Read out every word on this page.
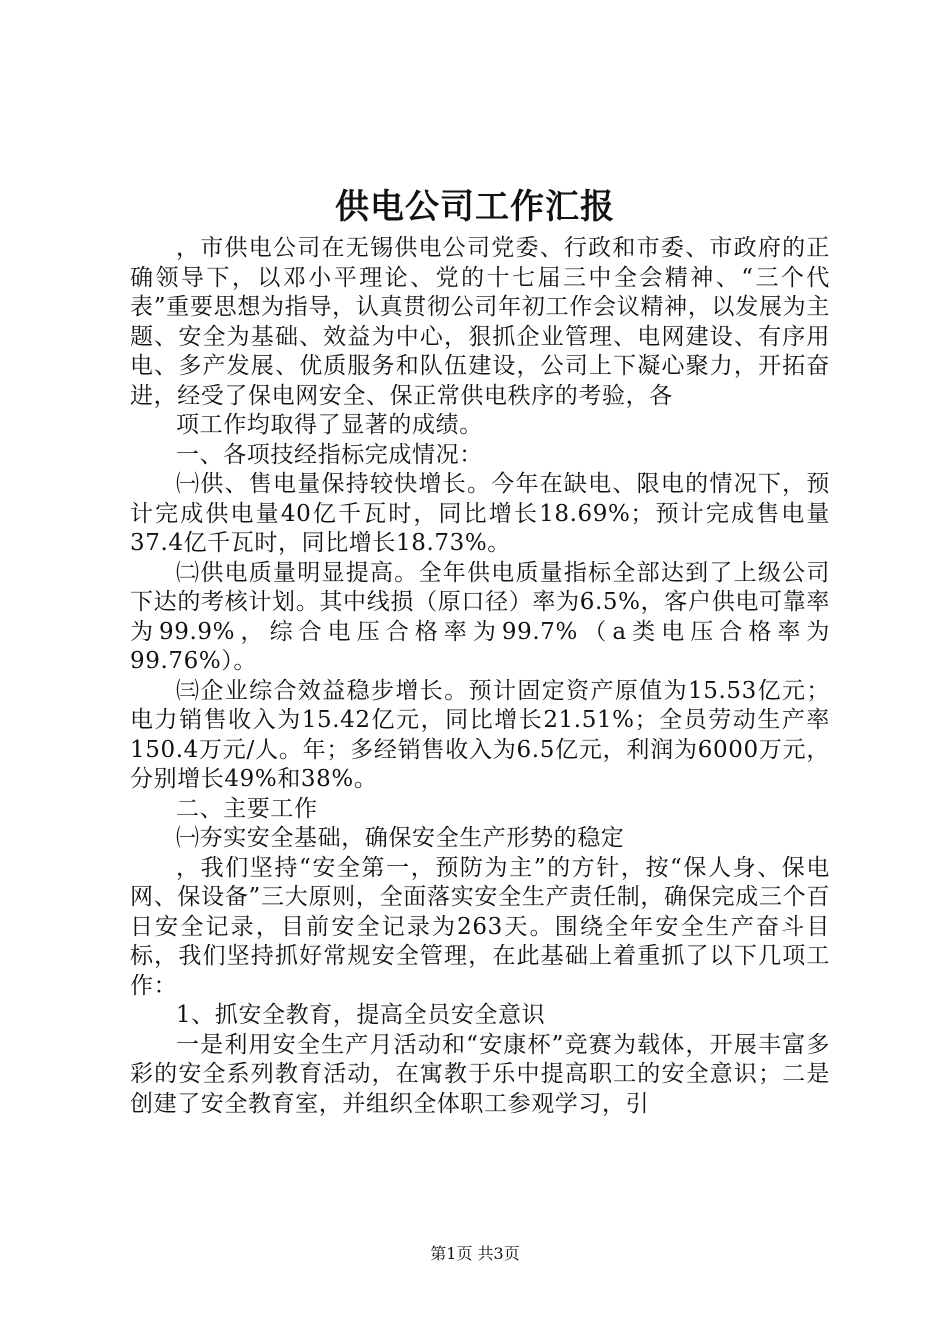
供电公司工作汇报

，市供电公司在无锡供电公司党委、行政和市委、市政府的正确领导下，以邓小平理论、党的十七届三中全会精神、“三个代表”重要思想为指导，认真贯彻公司年初工作会议精神，以发展为主题、安全为基础、效益为中心，狠抓企业管理、电网建设、有序用电、多产发展、优质服务和队伍建设，公司上下凝心聚力，开拓奋进，经受了保电网安全、保正常供电秩序的考验，各

项工作均取得了显著的成绩。

一、各项技经指标完成情况：

㈠供、售电量保持较快增长。今年在缺电、限电的情况下，预计完成供电量40亿千瓦时，同比增长18.69%；预计完成售电量37.4亿千瓦时，同比增长18.73%。

㈡供电质量明显提高。全年供电质量指标全部达到了上级公司下达的考核计划。其中线损（原口径）率为6.5%，客户供电可靠率为99.9%，综合电压合格率为99.7%（a类电压合格率为99.76%）。

㈢企业综合效益稳步增长。预计固定资产原值为15.53亿元；电力销售收入为15.42亿元，同比增长21.51%；全员劳动生产率150.4万元/人。年；多经销售收入为6.5亿元，利润为6000万元，分别增长49%和38%。

二、主要工作

㈠夯实安全基础，确保安全生产形势的稳定

，我们坚持“安全第一，预防为主”的方针，按“保人身、保电网、保设备”三大原则，全面落实安全生产责任制，确保完成三个百日安全记录，目前安全记录为263天。围绕全年安全生产奋斗目标，我们坚持抓好常规安全管理，在此基础上着重抓了以下几项工作：

1、抓安全教育，提高全员安全意识

一是利用安全生产月活动和“安康杯”竞赛为载体，开展丰富多彩的安全系列教育活动，在寓教于乐中提高职工的安全意识；二是创建了安全教育室，并组织全体职工参观学习，引

第1页 共3页
